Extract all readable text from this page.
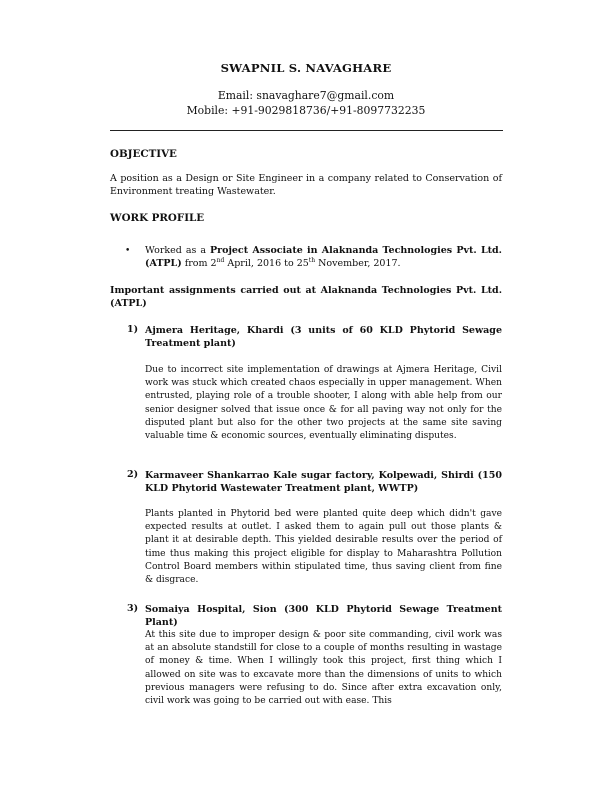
SWAPNIL S. NAVAGHARE
Email: snavaghare7@gmail.com
Mobile: +91-9029818736/+91-8097732235
OBJECTIVE
A position as a Design or Site Engineer in a company related to Conservation of Environment treating Wastewater.
WORK PROFILE
• Worked as a Project Associate in Alaknanda Technologies Pvt. Ltd. (ATPL) from 2nd April, 2016 to 25th November, 2017.
Important assignments carried out at Alaknanda Technologies Pvt. Ltd. (ATPL)
1) Ajmera Heritage, Khardi (3 units of 60 KLD Phytorid Sewage Treatment plant)
Due to incorrect site implementation of drawings at Ajmera Heritage, Civil work was stuck which created chaos especially in upper management. When entrusted, playing role of a trouble shooter, I along with able help from our senior designer solved that issue once & for all paving way not only for the disputed plant but also for the other two projects at the same site saving valuable time & economic sources, eventually eliminating disputes.
2) Karmaveer Shankarrao Kale sugar factory, Kolpewadi, Shirdi (150 KLD Phytorid Wastewater Treatment plant, WWTP)
Plants planted in Phytorid bed were planted quite deep which didn't gave expected results at outlet. I asked them to again pull out those plants & plant it at desirable depth. This yielded desirable results over the period of time thus making this project eligible for display to Maharashtra Pollution Control Board members within stipulated time, thus saving client from fine & disgrace.
3) Somaiya Hospital, Sion (300 KLD Phytorid Sewage Treatment Plant)
At this site due to improper design & poor site commanding, civil work was at an absolute standstill for close to a couple of months resulting in wastage of money & time. When I willingly took this project, first thing which I allowed on site was to excavate more than the dimensions of units to which previous managers were refusing to do. Since after extra excavation only, civil work was going to be carried out with ease. This
